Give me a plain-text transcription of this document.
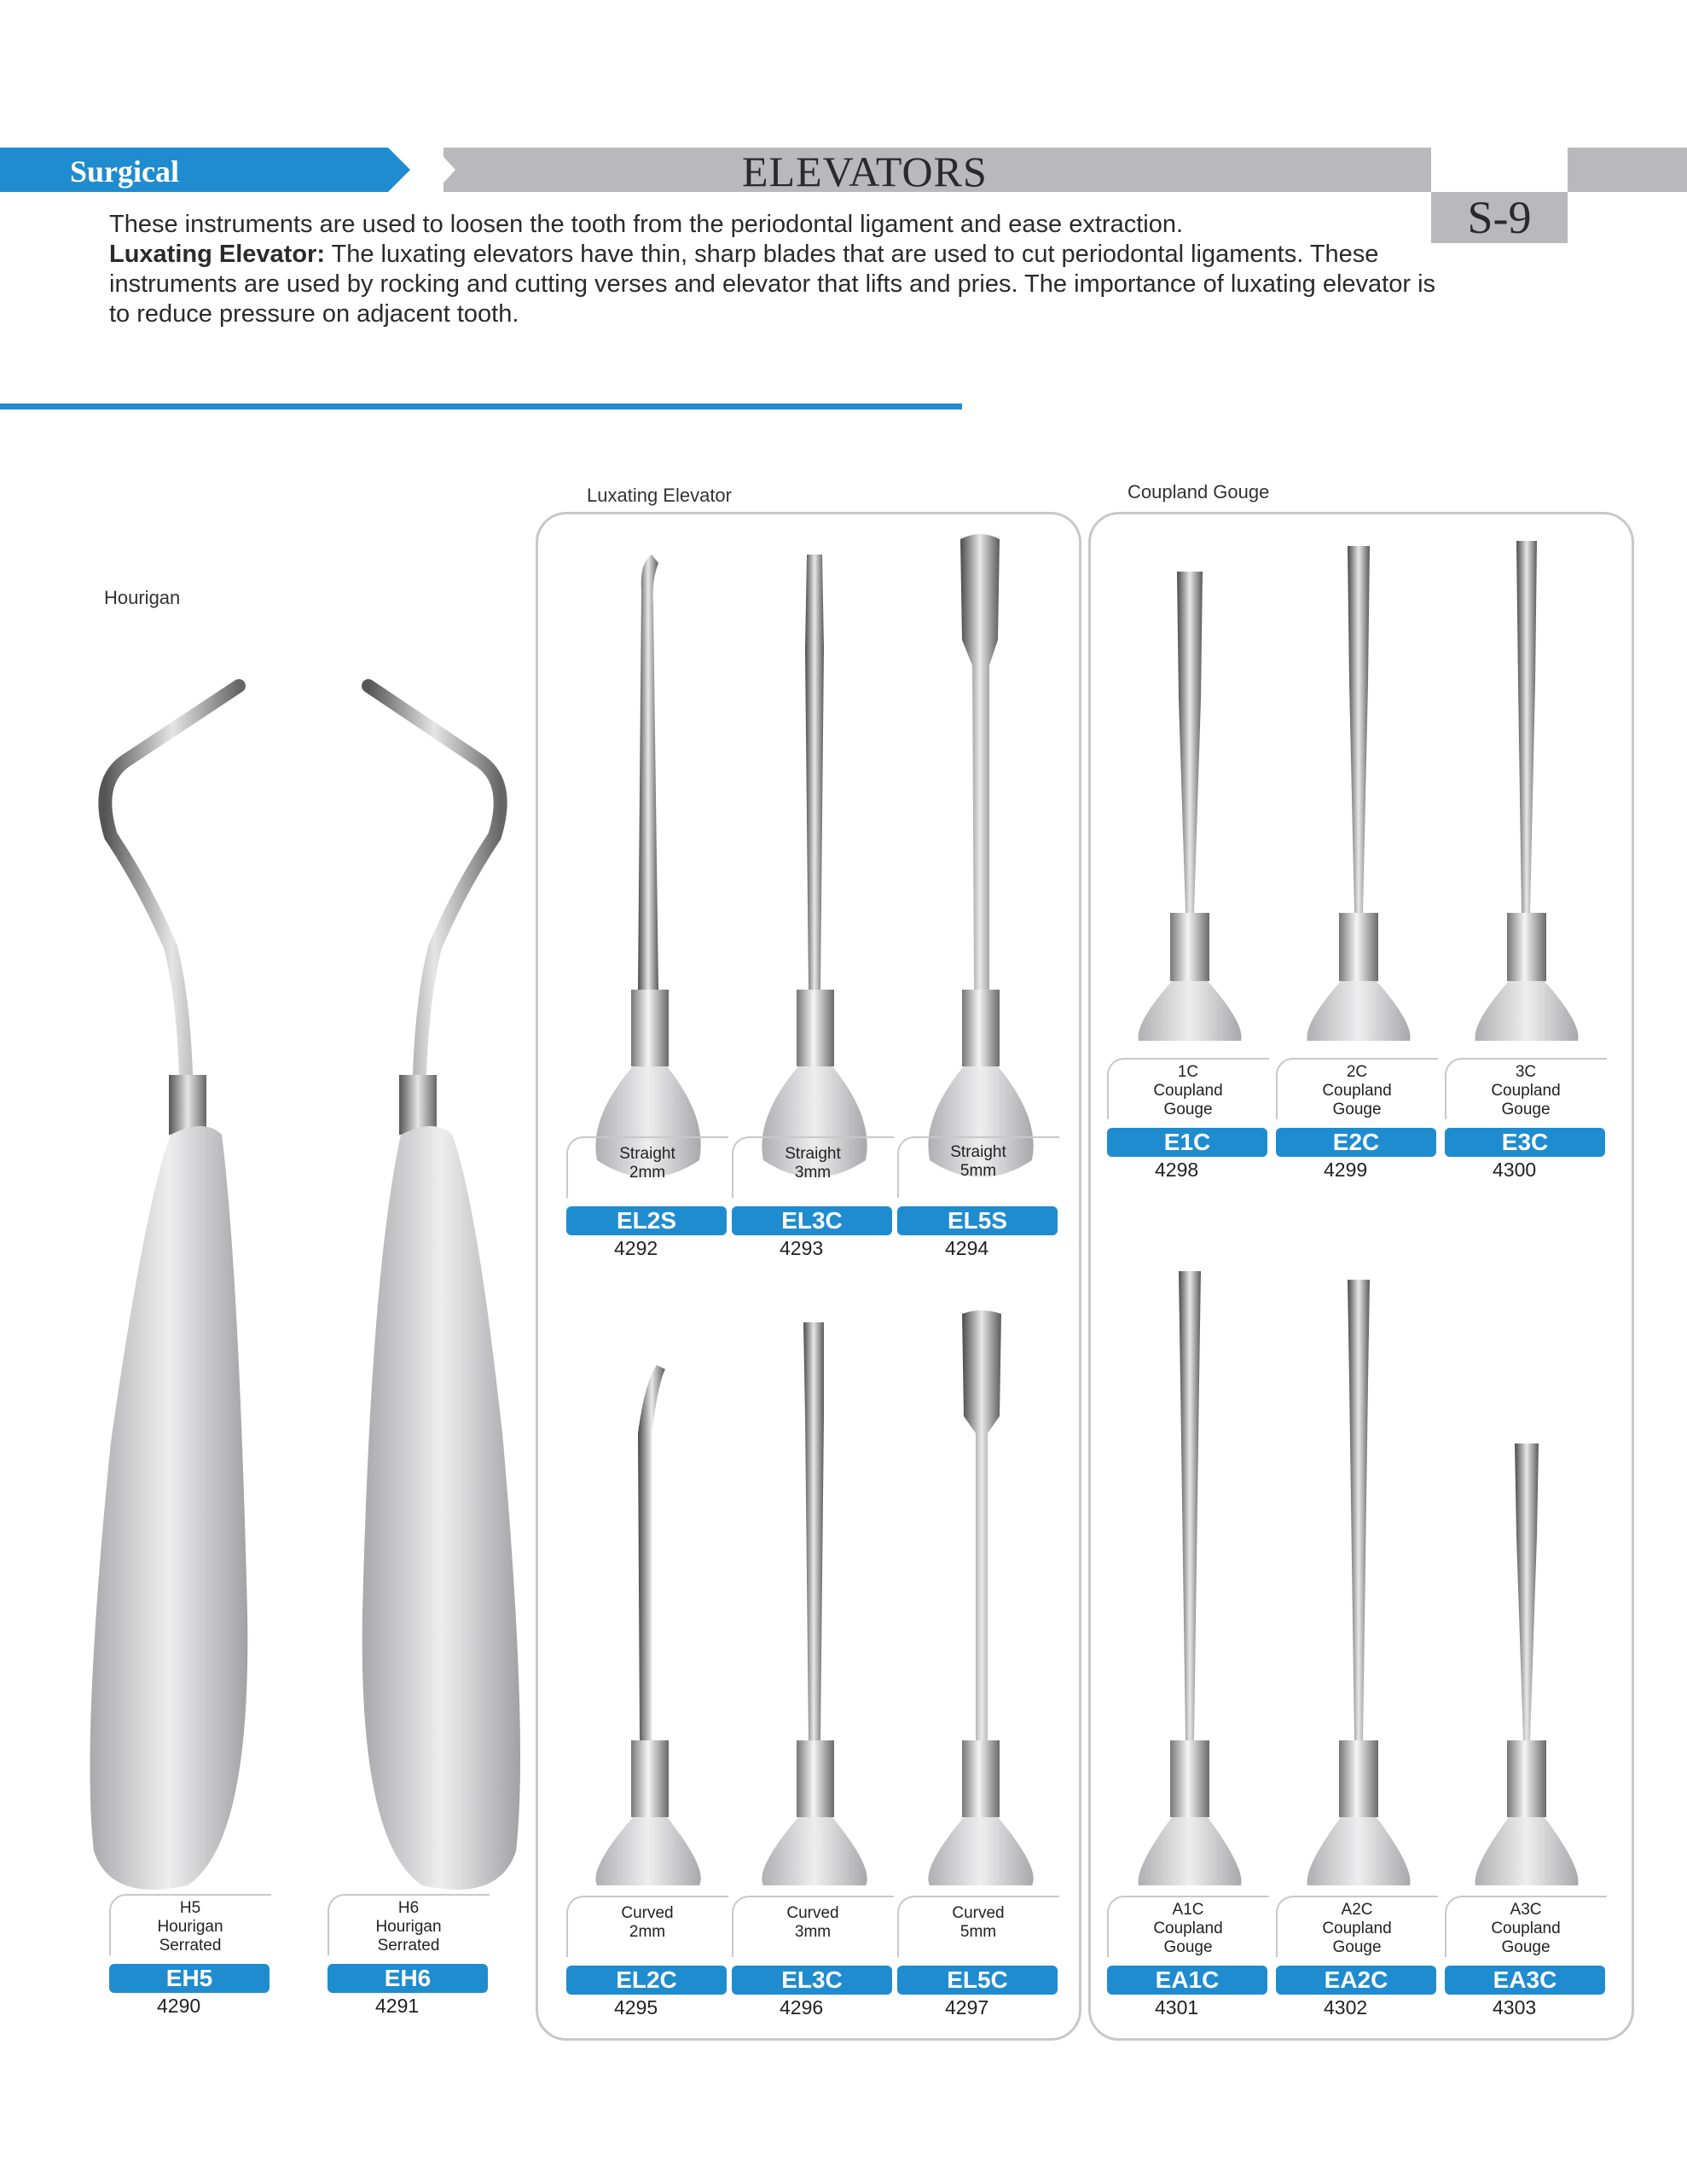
Surgical	ELEVATORS
S-9
These instruments are used to loosen the tooth from the periodontal ligament and ease extraction.
Luxating Elevator: The luxating elevators have thin, sharp blades that are used to cut periodontal ligaments. These instruments are used by rocking and cutting verses and elevator that lifts and pries. The importance of luxating elevator is to reduce pressure on adjacent tooth.
Hourigan
Luxating Elevator	Coupland Gouge
H5
Hourigan
Serrated
EH5
4290
H6
Hourigan
Serrated
EH6
4291
Straight
2mm
EL2S
4292
Straight
3mm
EL3C
4293
Straight
5mm
EL5S
4294
Curved
2mm
EL2C
4295
Curved
3mm
EL3C
4296
Curved
5mm
EL5C
4297
1C
Coupland
Gouge
E1C
4298
2C
Coupland
Gouge
E2C
4299
3C
Coupland
Gouge
E3C
4300
A1C
Coupland
Gouge
EA1C
4301
A2C
Coupland
Gouge
EA2C
4302
A3C
Coupland
Gouge
EA3C
4303
